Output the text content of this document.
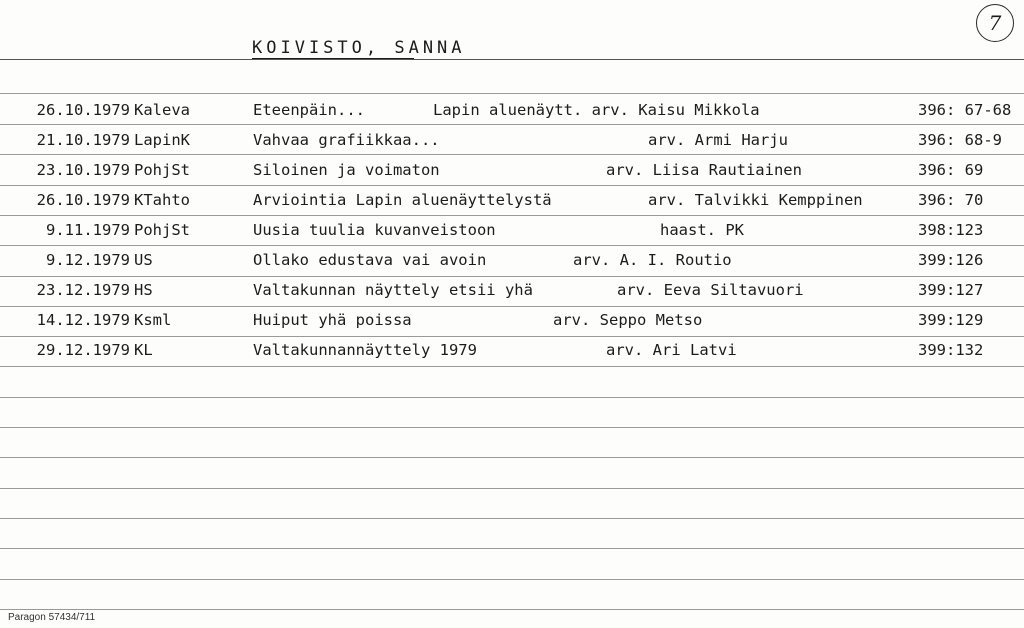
KOIVISTO, SANNA
7
26.10.1979 Kaleva	Eteenpäin...	Lapin aluenäytt. arv. Kaisu Mikkola	396: 67-68
21.10.1979 LapinK	Vahvaa grafiikkaa...	arv. Armi Harju	396: 68-9
23.10.1979 PohjSt	Siloinen ja voimaton	arv. Liisa Rautiainen	396: 69
26.10.1979 KTahto	Arviointia Lapin aluenäyttelystä	arv. Talvikki Kemppinen	396: 70
9.11.1979 PohjSt	Uusia tuulia kuvanveistoon	haast. PK	398:123
9.12.1979 US	Ollako edustava vai avoin	arv. A. I. Routio	399:126
23.12.1979 HS	Valtakunnan näyttely etsii yhä	arv. Eeva Siltavuori	399:127
14.12.1979 Ksml	Huiput yhä poissa	arv. Seppo Metso	399:129
29.12.1979 KL	Valtakunnannäyttely 1979	arv. Ari Latvi	399:132
Paragon 57434/711
